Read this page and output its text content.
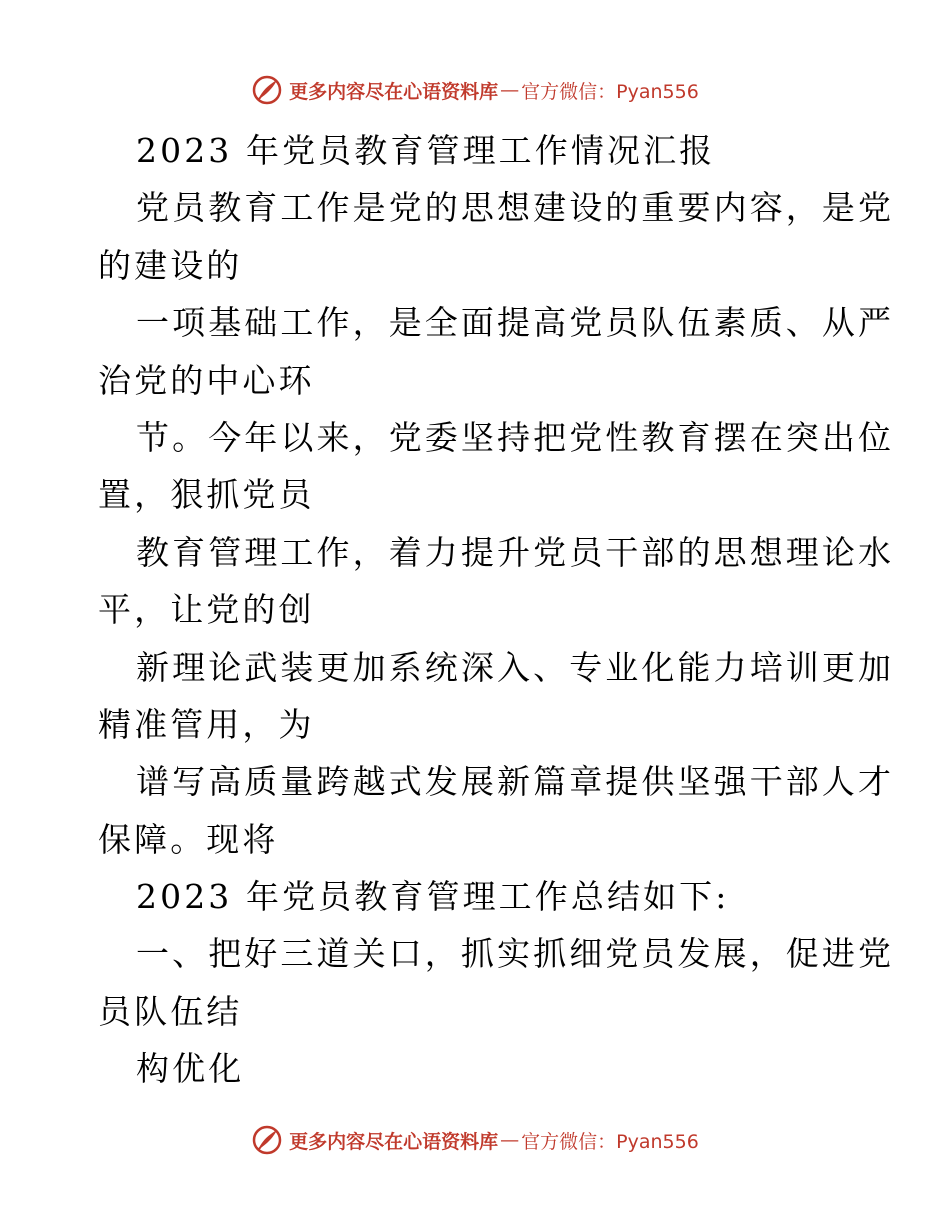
更多内容尽在心语资料库 — 官方微信：Pyan556
2023 年党员教育管理工作情况汇报
党员教育工作是党的思想建设的重要内容，是党
的建设的
一项基础工作，是全面提高党员队伍素质、从严
治党的中心环
节。今年以来，党委坚持把党性教育摆在突出位
置，狠抓党员
教育管理工作，着力提升党员干部的思想理论水
平，让党的创
新理论武装更加系统深入、专业化能力培训更加
精准管用，为
谱写高质量跨越式发展新篇章提供坚强干部人才
保障。现将
2023 年党员教育管理工作总结如下:
一、把好三道关口，抓实抓细党员发展，促进党
员队伍结
构优化
更多内容尽在心语资料库 — 官方微信：Pyan556
